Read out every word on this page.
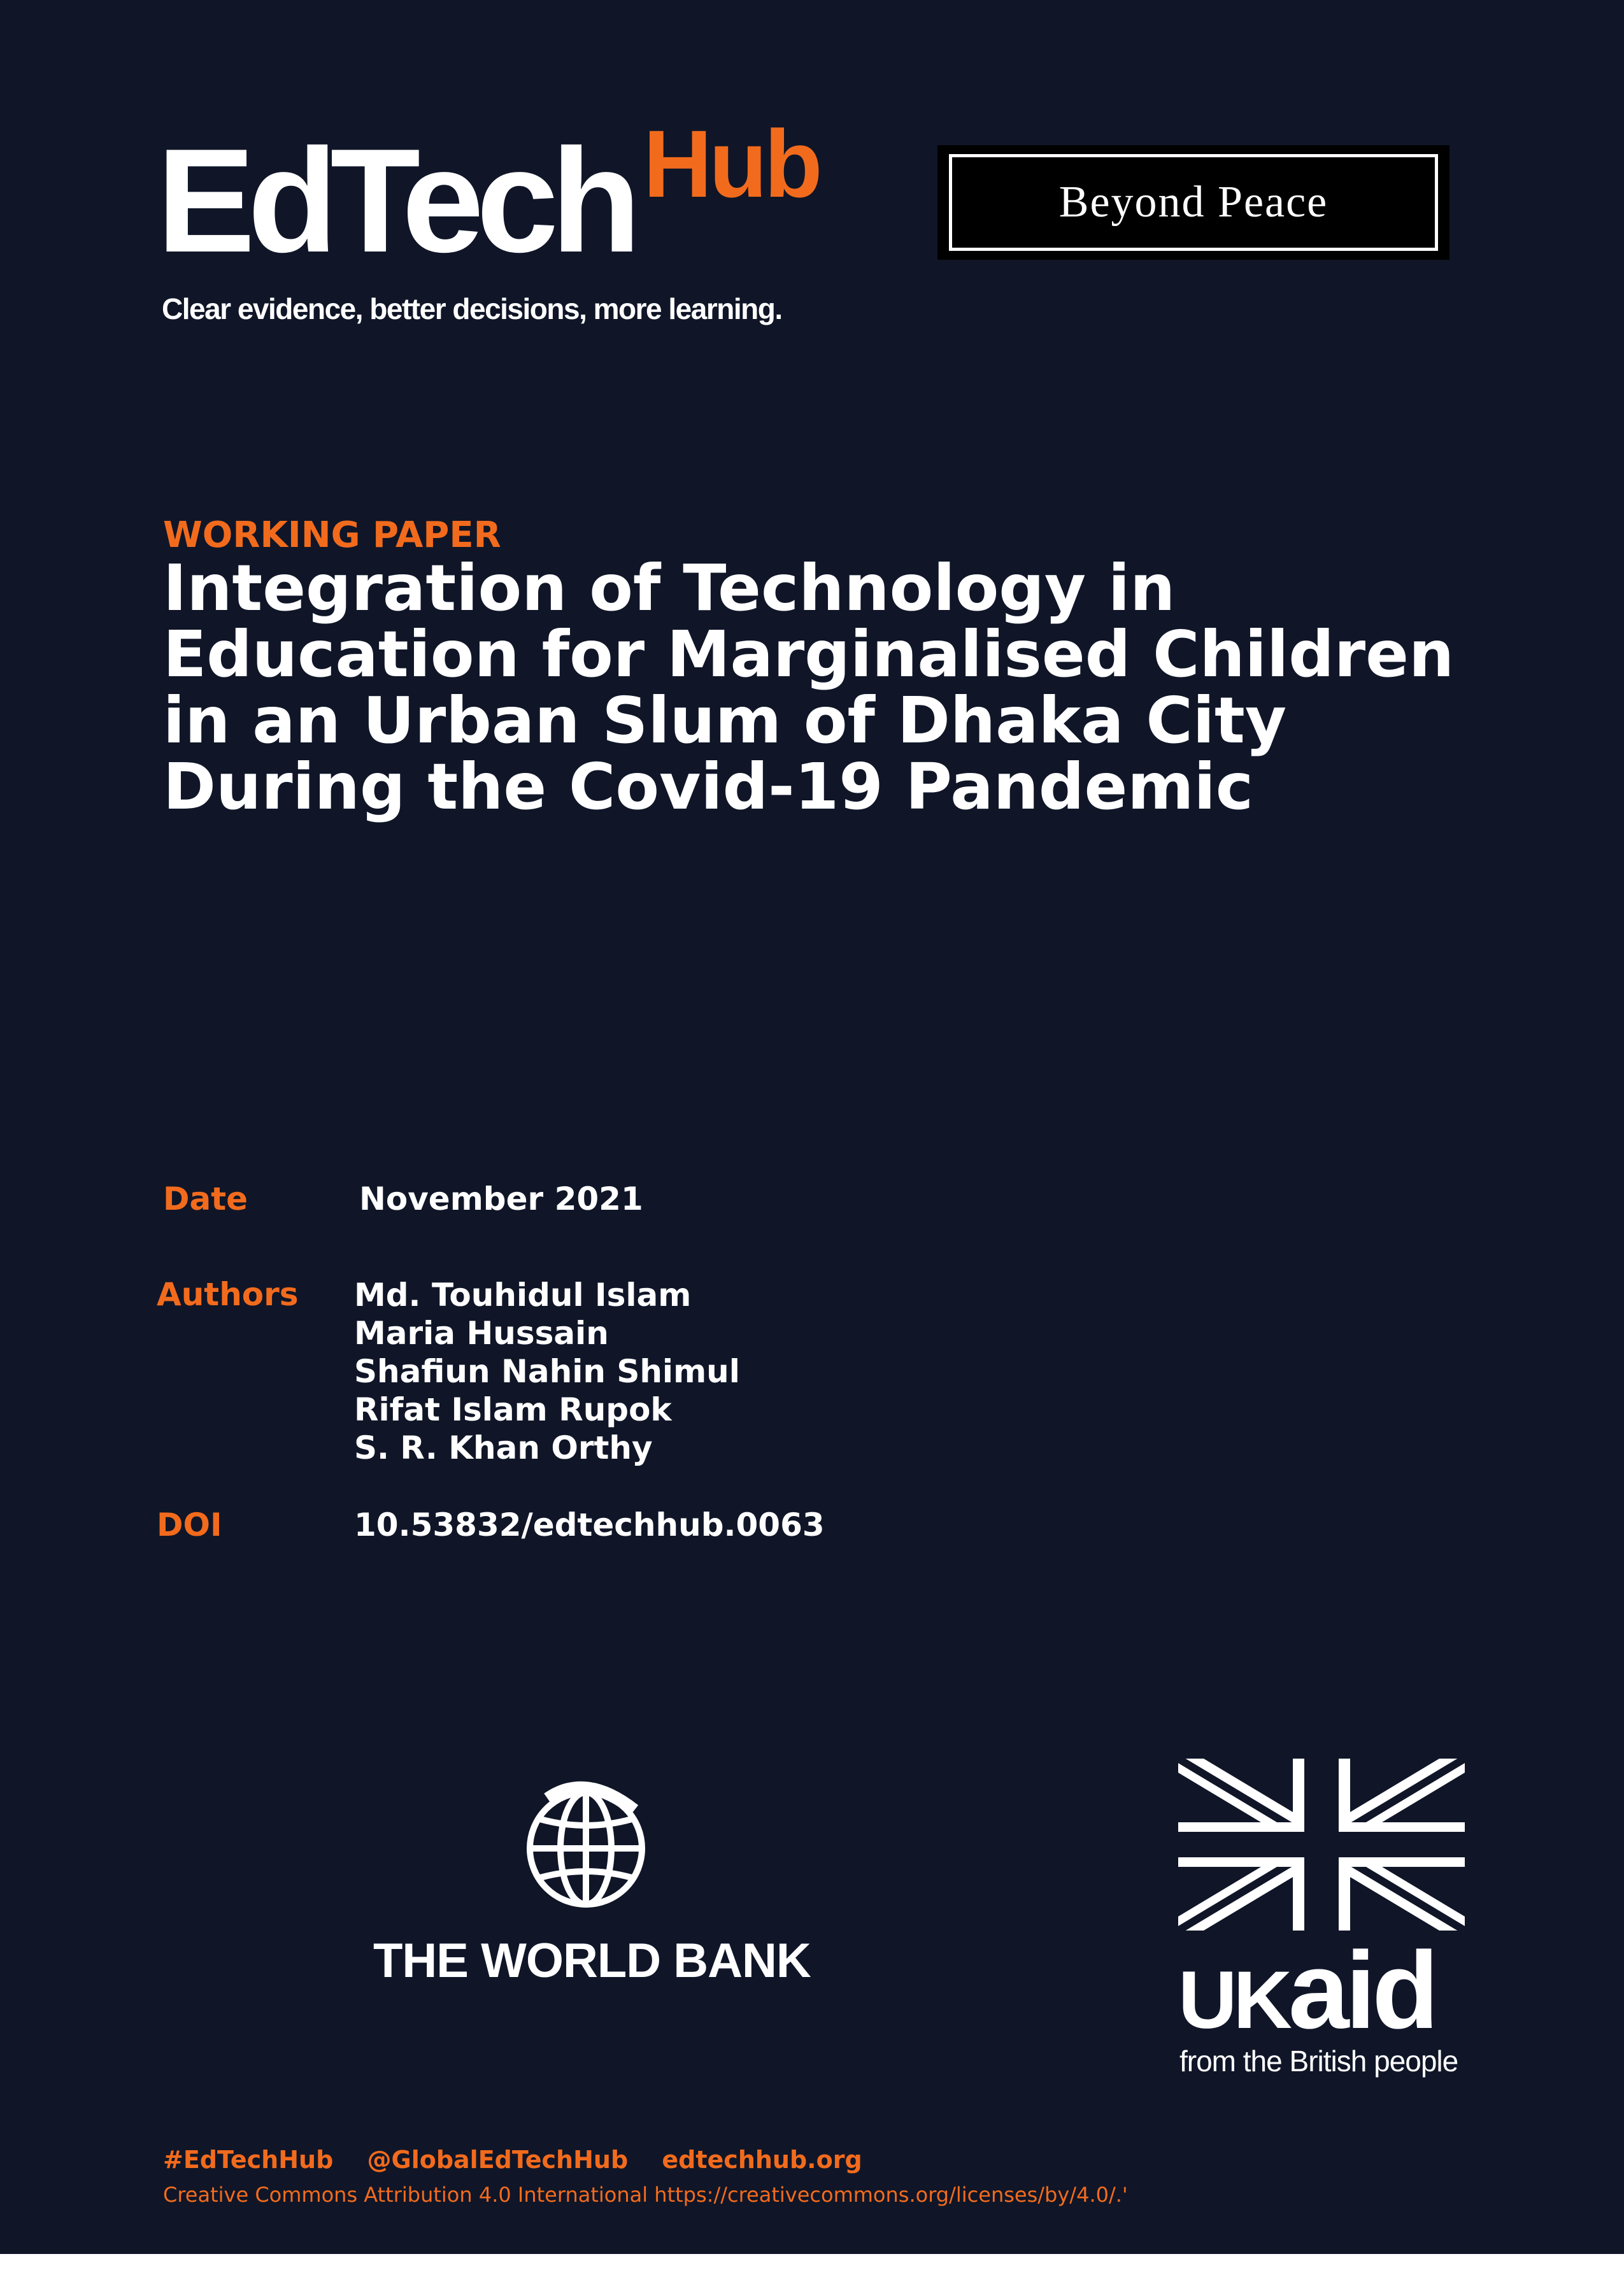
EdTech Hub
Clear evidence, better decisions, more learning.
Beyond Peace
WORKING PAPER
Integration of Technology in
Education for Marginalised Children
in an Urban Slum of Dhaka City
During the Covid-19 Pandemic
Date	November 2021
Authors Md. Touhidul Islam
Maria Hussain
Shafiun Nahin Shimul
Rifat Islam Rupok
S. R. Khan Orthy
DOI	10.53832/edtechhub.0063
THE WORLD BANK	UKaid
from the British people
#EdTechHub @GlobalEdTechHub edtechhub.org
Creative Commons Attribution 4.0 International https://creativecommons.org/licenses/by/4.0/.'
